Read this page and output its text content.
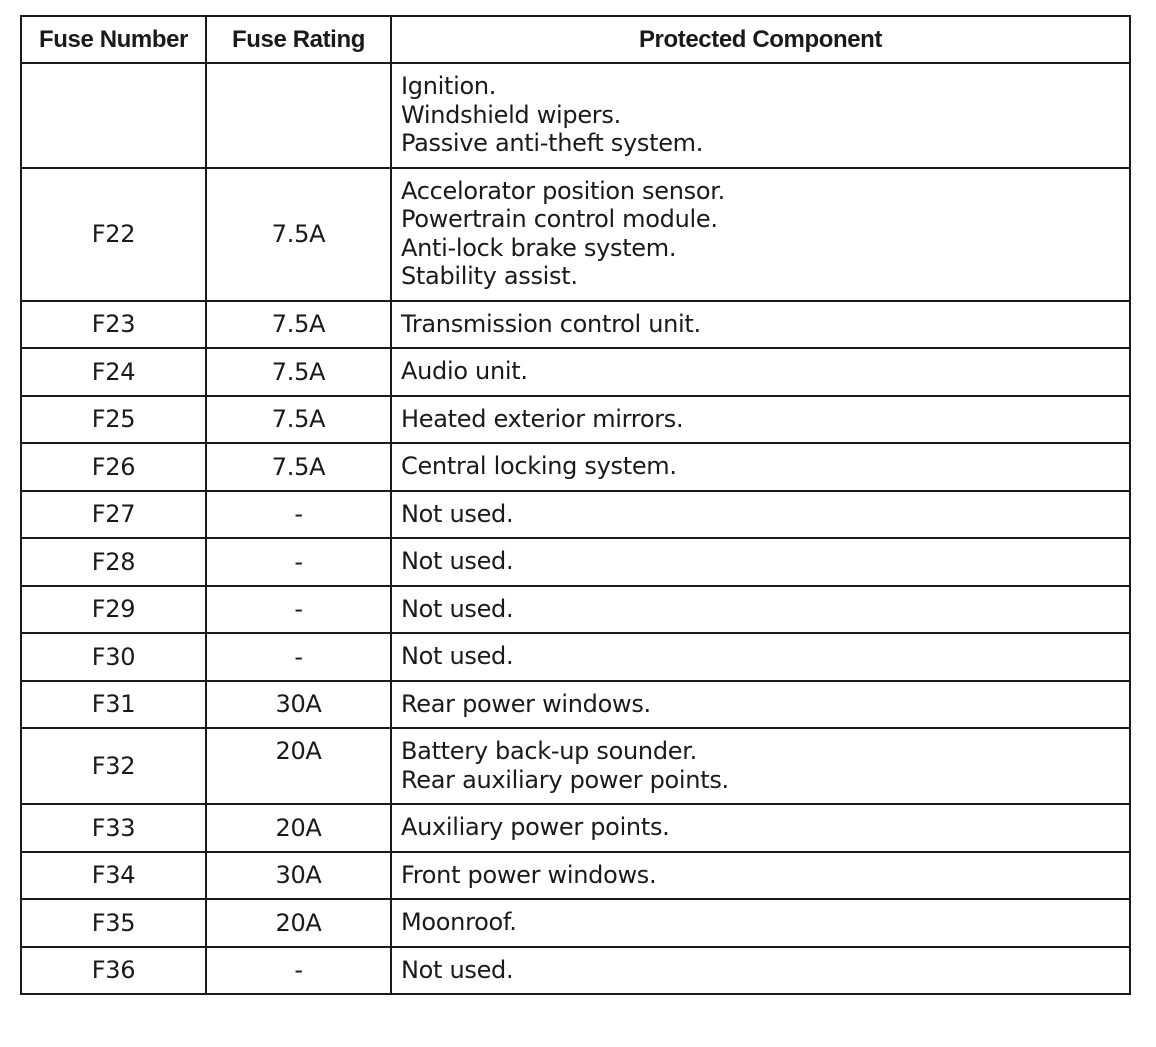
Fuse Number	Fuse Rating	Protected Component

		Ignition.
Windshield wipers.
Passive anti-theft system.

F22	7.5A	Accelorator position sensor.
Powertrain control module.
Anti-lock brake system.
Stability assist.

F23	7.5A	Transmission control unit.

F24	7.5A	Audio unit.

F25	7.5A	Heated exterior mirrors.

F26	7.5A	Central locking system.

F27	-	Not used.

F28	-	Not used.

F29	-	Not used.

F30	-	Not used.

F31	30A	Rear power windows.

F32	20A	Battery back-up sounder.
Rear auxiliary power points.

F33	20A	Auxiliary power points.

F34	30A	Front power windows.

F35	20A	Moonroof.

F36	-	Not used.
